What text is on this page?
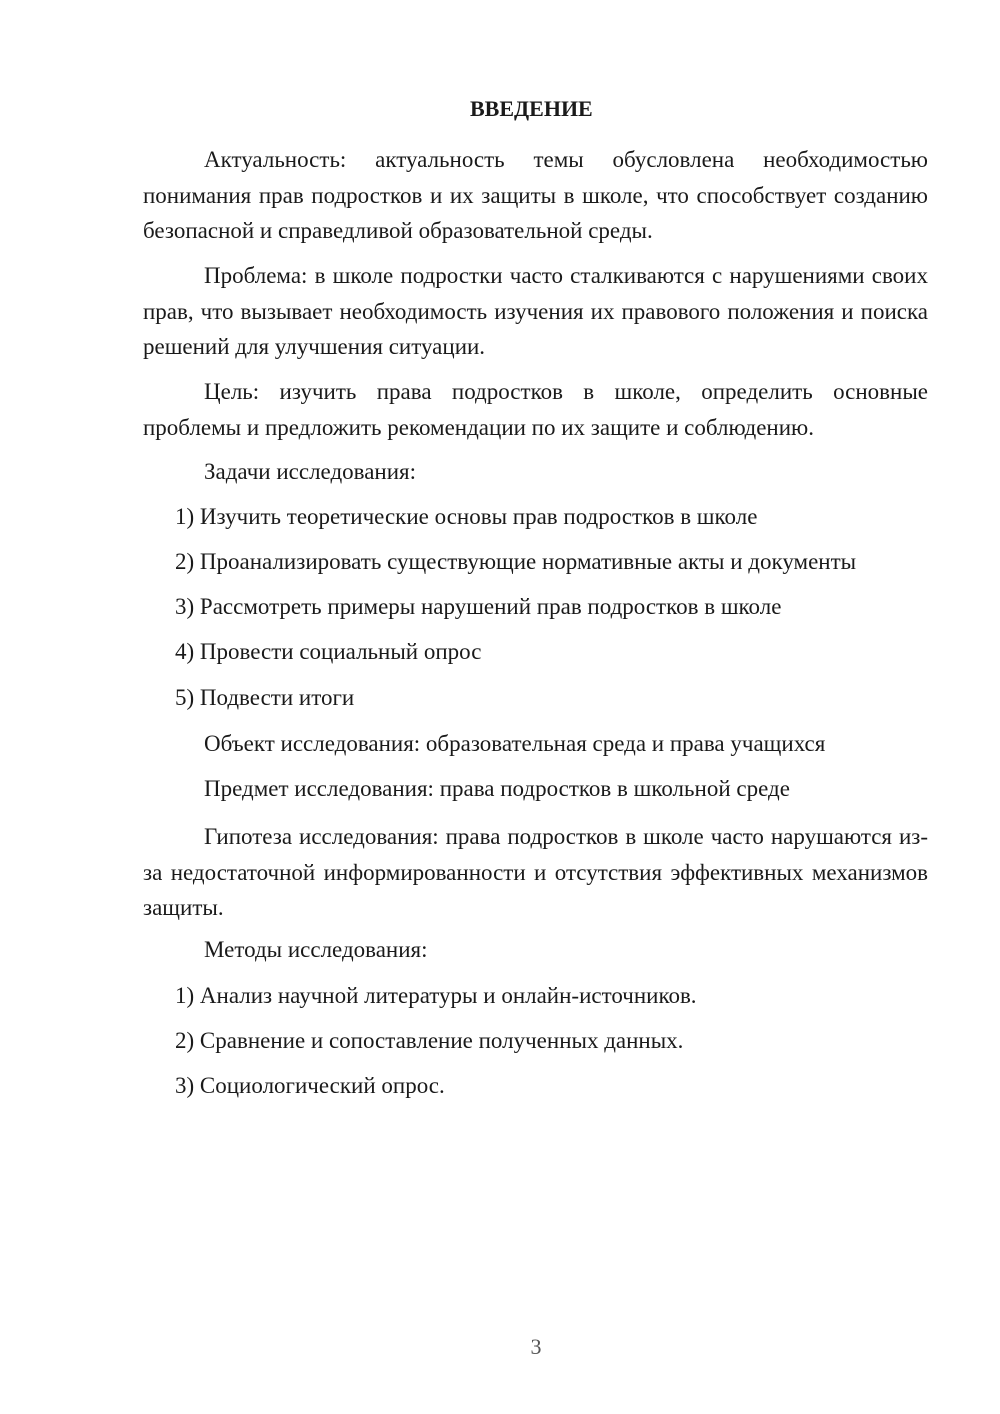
ВВЕДЕНИЕ
Актуальность: актуальность темы обусловлена необходимостью понимания прав подростков и их защиты в школе, что способствует созданию безопасной и справедливой образовательной среды.
Проблема: в школе подростки часто сталкиваются с нарушениями своих прав, что вызывает необходимость изучения их правового положения и поиска решений для улучшения ситуации.
Цель: изучить права подростков в школе, определить основные проблемы и предложить рекомендации по их защите и соблюдению.
Задачи исследования:
1) Изучить теоретические основы прав подростков в школе
2) Проанализировать существующие нормативные акты и документы
3) Рассмотреть примеры нарушений прав подростков в школе
4) Провести социальный опрос
5) Подвести итоги
Объект исследования: образовательная среда и права учащихся
Предмет исследования: права подростков в школьной среде
Гипотеза исследования: права подростков в школе часто нарушаются из-за недостаточной информированности и отсутствия эффективных механизмов защиты.
Методы исследования:
1) Анализ научной литературы и онлайн-источников.
2) Сравнение и сопоставление полученных данных.
3) Социологический опрос.
3
